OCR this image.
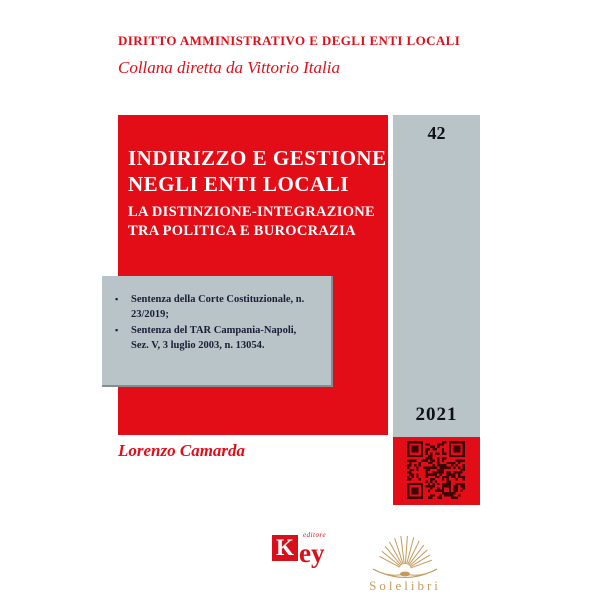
DIRITTO AMMINISTRATIVO E DEGLI ENTI LOCALI
Collana diretta da Vittorio Italia
INDIRIZZO E GESTIONE
NEGLI ENTI LOCALI
LA DISTINZIONE-INTEGRAZIONE
TRA POLITICA E BUROCRAZIA
42
2021
▪ Sentenza della Corte Costituzionale, n. 23/2019;
▪ Sentenza del TAR Campania-Napoli, Sez. V, 3 luglio 2003, n. 13054.
Lorenzo Camarda
K editore
ey
Solelibri
